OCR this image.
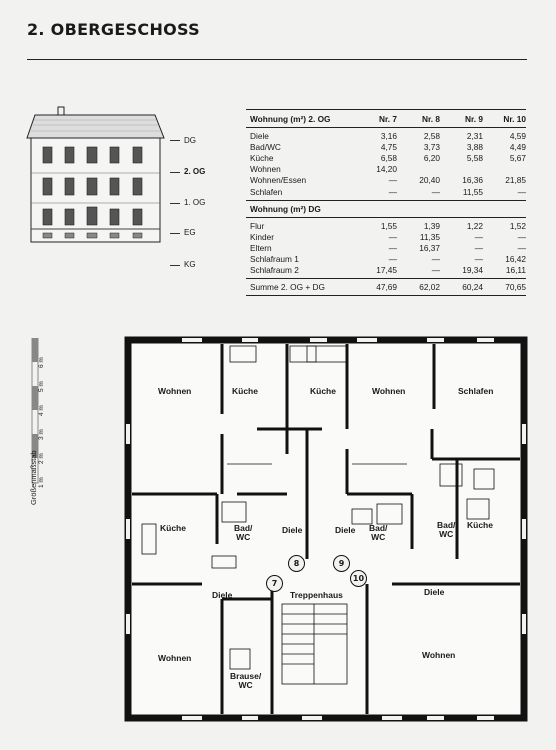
2. OBERGESCHOSS
DG
2. OG
1. OG
EG
KG
Wohnung (m²) 2. OG	Nr. 7	Nr. 8	Nr. 9	Nr. 10
Diele	3,16	2,58	2,31	4,59
Bad/WC	4,75	3,73	3,88	4,49
Küche	6,58	6,20	5,58	5,67
Wohnen	14,20
Wohnen/Essen	—	20,40	16,36	21,85
Schlafen	—	—	11,55	—
Wohnung (m²) DG
Flur	1,55	1,39	1,22	1,52
Kinder	—	11,35	—	—
Eltern	—	16,37	—	—
Schlafraum 1	—	—	—	16,42
Schlafraum 2	17,45	—	19,34	16,11
Summe 2. OG + DG	47,69	62,02	60,24	70,65
Größenmaßstab 1 m
2 m
3 m
4 m
5 m
6 m
Wohnen	Küche	Küche	Wohnen	Schlafen
Küche	Bad/
WC
Diele	Diele Bad/
WC
Bad/
WC
Küche
Diele	Treppenhaus	Diele
Wohnen
Brause/
WC
Wohnen
7
8	9
10
